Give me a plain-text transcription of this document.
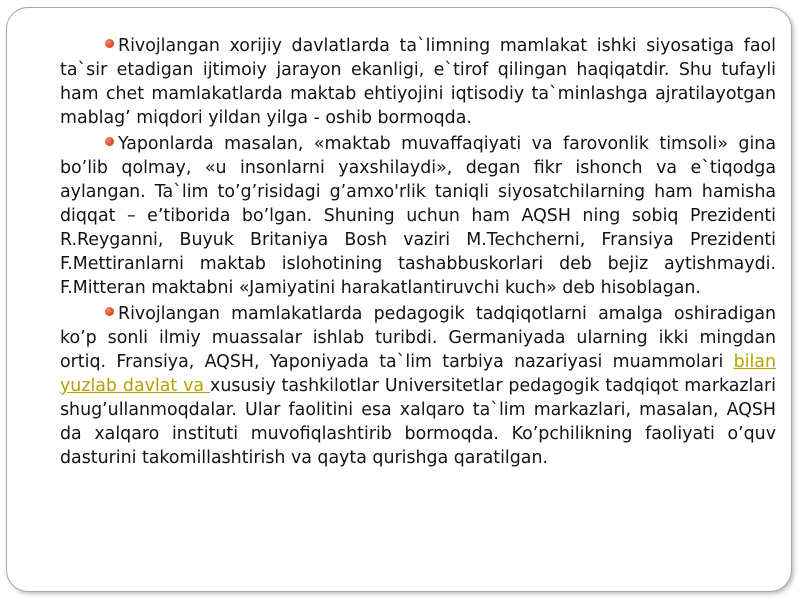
Rivojlangan xorijiy davlatlarda ta`limning mamlakat ishki siyosatiga faol ta`sir etadigan ijtimoiy jarayon ekanligi, e`tirof qilingan haqiqatdir. Shu tufayli ham chet mamlakatlarda maktab ehtiyojini iqtisodiy ta`minlashga ajratilayotgan mablag’ miqdori yildan yilga - oshib bormoqda.

Yaponlarda masalan, «maktab muvaffaqiyati va farovonlik timsoli» gina bo’lib qolmay, «u insonlarni yaxshilaydi», degan fikr ishonch va e`tiqodga aylangan. Ta`lim to’g’risidagi g’amxo'rlik taniqli siyosatchilarning ham hamisha diqqat – e’tiborida bo’lgan. Shuning uchun ham AQSH ning sobiq Prezidenti R.Reyganni, Buyuk Britaniya Bosh vaziri M.Techcherni, Fransiya Prezidenti F.Mettiranlarni maktab islohotining tashabbuskorlari deb bejiz aytishmaydi. F.Mitteran maktabni «Jamiyatini harakatlantiruvchi kuch» deb hisoblagan.

Rivojlangan mamlakatlarda pedagogik tadqiqotlarni amalga oshiradigan ko’p sonli ilmiy muassalar ishlab turibdi. Germaniyada ularning ikki mingdan ortiq. Fransiya, AQSH, Yaponiyada ta`lim tarbiya nazariyasi muammolari bilan yuzlab davlat va xususiy tashkilotlar Universitetlar pedagogik tadqiqot markazlari shug’ullanmoqdalar. Ular faolitini esa xalqaro ta`lim markazlari, masalan, AQSH da xalqaro instituti muvofiqlashtirib bormoqda. Ko’pchilikning faoliyati o’quv dasturini takomillashtirish va qayta qurishga qaratilgan.
